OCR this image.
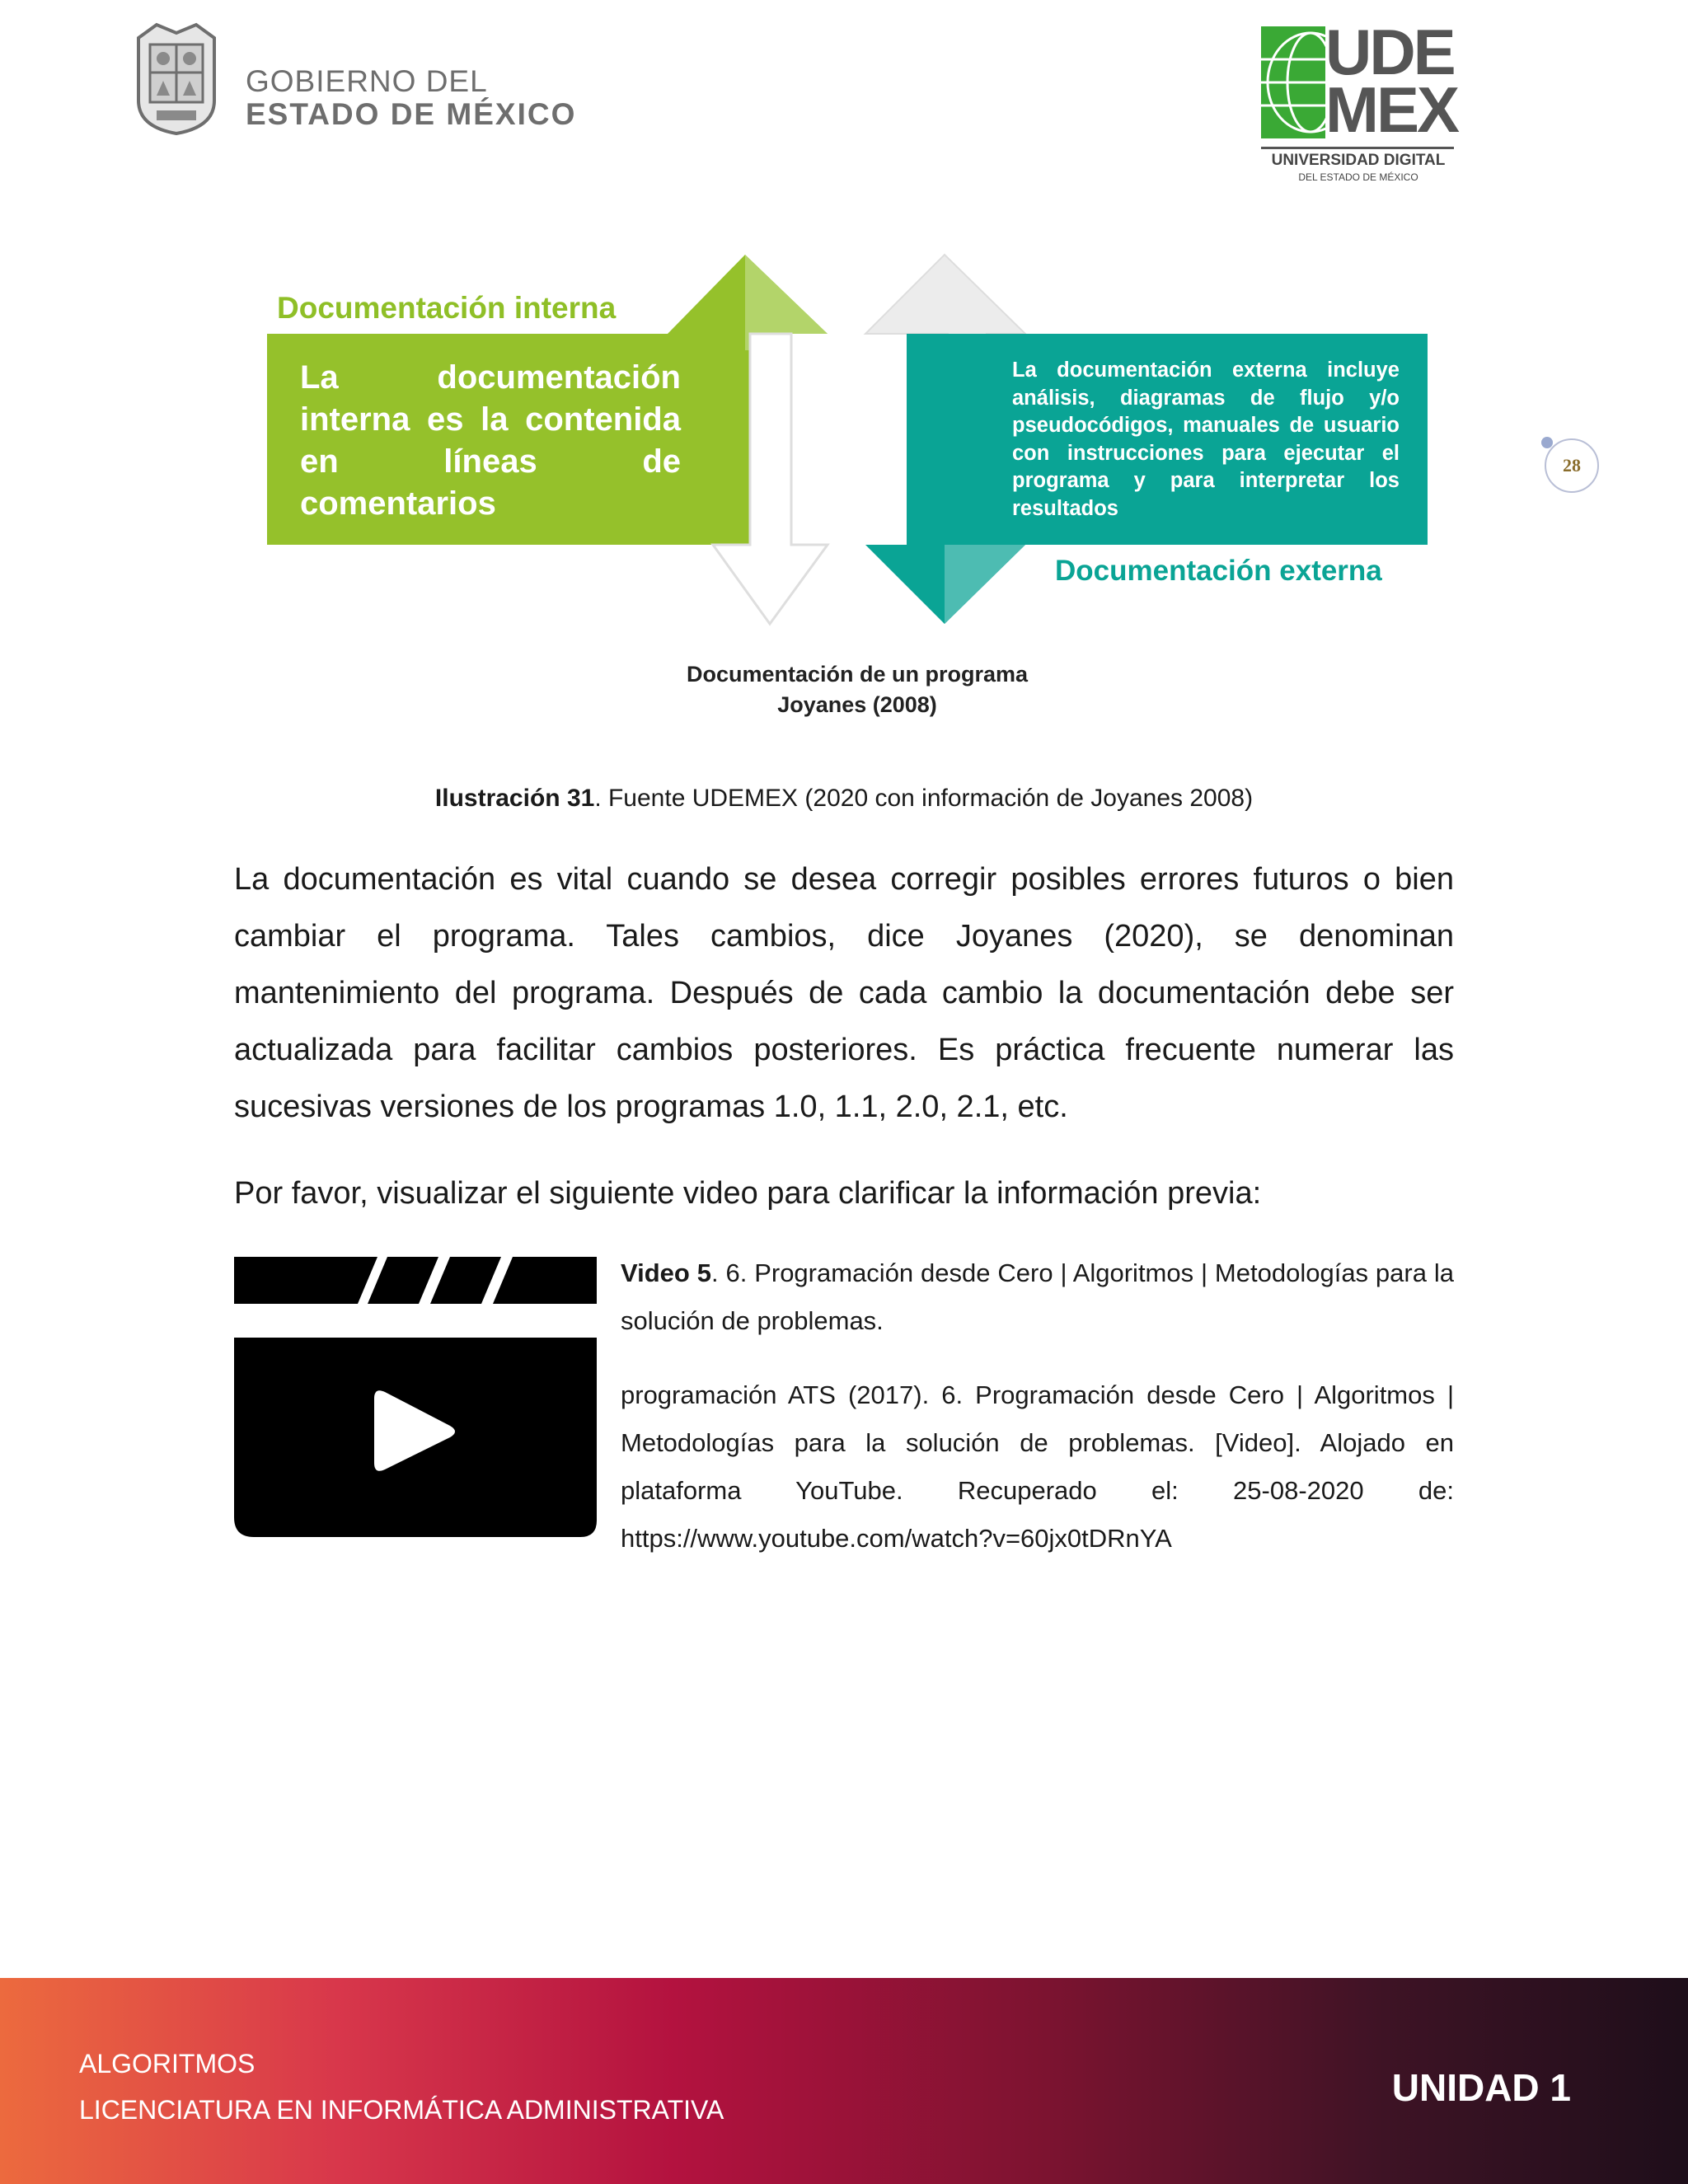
GOBIERNO DEL
ESTADO DE MÉXICO
UDE
MEX
UNIVERSIDAD DIGITAL
DEL ESTADO DE MÉXICO
28
Documentación interna
La documentación interna es la contenida en líneas de comentarios
La documentación externa incluye análisis, diagramas de flujo y/o pseudocódigos, manuales de usuario con instrucciones para ejecutar el programa y para interpretar los resultados
Documentación externa
Documentación de un programa
Joyanes (2008)
Ilustración 31. Fuente UDEMEX (2020 con información de Joyanes 2008)
La documentación es vital cuando se desea corregir posibles errores futuros o bien cambiar el programa. Tales cambios, dice Joyanes (2020), se denominan mantenimiento del programa. Después de cada cambio la documentación debe ser actualizada para facilitar cambios posteriores. Es práctica frecuente numerar las sucesivas versiones de los programas 1.0, 1.1, 2.0, 2.1, etc.
Por favor, visualizar el siguiente video para clarificar la información previa:
Video 5. 6. Programación desde Cero | Algoritmos | Metodologías para la solución de problemas.
programación ATS (2017). 6. Programación desde Cero | Algoritmos | Metodologías para la solución de problemas. [Video]. Alojado en plataforma YouTube. Recuperado el: 25-08-2020 de: https://www.youtube.com/watch?v=60jx0tDRnYA
ALGORITMOS
LICENCIATURA EN INFORMÁTICA ADMINISTRATIVA
UNIDAD 1
